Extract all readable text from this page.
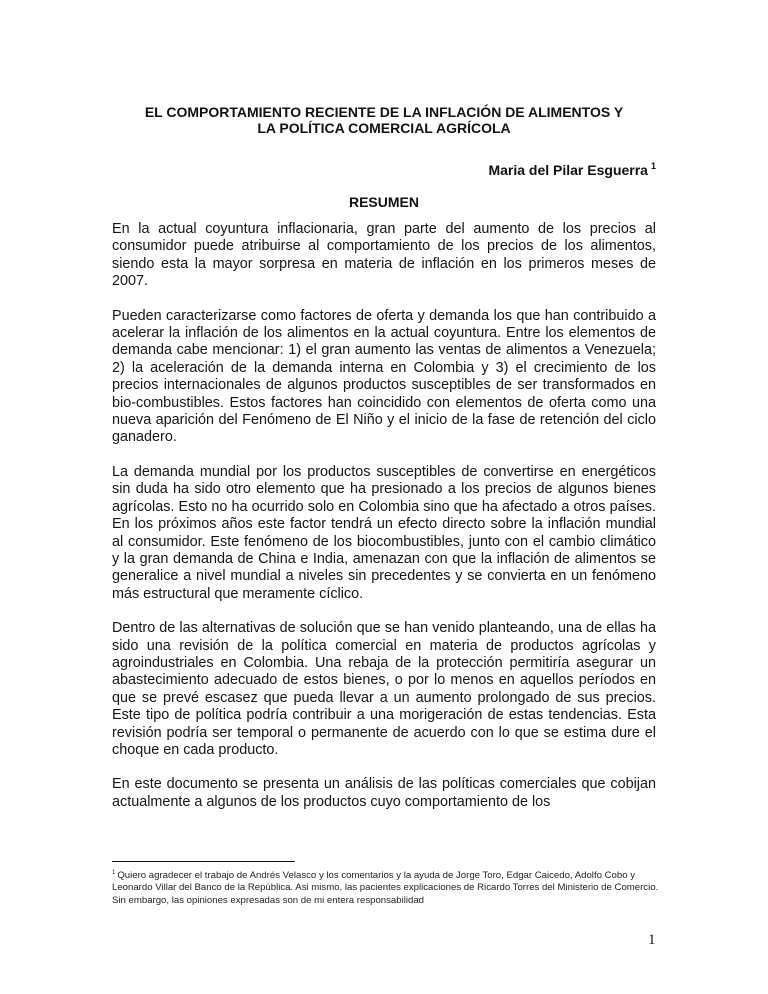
EL COMPORTAMIENTO RECIENTE DE LA INFLACIÓN DE ALIMENTOS Y
LA POLÍTICA COMERCIAL AGRÍCOLA
Maria del Pilar Esguerra $^1$
RESUMEN

En la actual coyuntura inflacionaria, gran parte del aumento de los precios al consumidor puede atribuirse al comportamiento de los precios de los alimentos, siendo esta la mayor sorpresa en materia de inflación en los primeros meses de 2007.

Pueden caracterizarse como factores de oferta y demanda los que han contribuido a acelerar la inflación de los alimentos en la actual coyuntura. Entre los elementos de demanda cabe mencionar: 1) el gran aumento las ventas de alimentos a Venezuela; 2) la aceleración de la demanda interna en Colombia y 3) el crecimiento de los precios internacionales de algunos productos susceptibles de ser transformados en bio-combustibles. Estos factores han coincidido con elementos de oferta como una nueva aparición del Fenómeno de El Niño y el inicio de la fase de retención del ciclo ganadero.

La demanda mundial por los productos susceptibles de convertirse en energéticos sin duda ha sido otro elemento que ha presionado a los precios de algunos bienes agrícolas. Esto no ha ocurrido solo en Colombia sino que ha afectado a otros países. En los próximos años este factor tendrá un efecto directo sobre la inflación mundial al consumidor. Este fenómeno de los biocombustibles, junto con el cambio climático y la gran demanda de China e India, amenazan con que la inflación de alimentos se generalice a nivel mundial a niveles sin precedentes y se convierta en un fenómeno más estructural que meramente cíclico.

Dentro de las alternativas de solución que se han venido planteando, una de ellas ha sido una revisión de la política comercial en materia de productos agrícolas y agroindustriales en Colombia. Una rebaja de la protección permitiría asegurar un abastecimiento adecuado de estos bienes, o por lo menos en aquellos períodos en que se prevé escasez que pueda llevar a un aumento prolongado de sus precios. Este tipo de política podría contribuir a una morigeración de estas tendencias. Esta revisión podría ser temporal o permanente de acuerdo con lo que se estima dure el choque en cada producto.

En este documento se presenta un análisis de las políticas comerciales que cobijan actualmente a algunos de los productos cuyo comportamiento de los

$^1$ Quiero agradecer el trabajo de Andrés Velasco y los comentarios y la ayuda de Jorge Toro, Edgar Caicedo, Adolfo Cobo y Leonardo Villar del Banco de la República. Asi mismo, las pacientes explicaciones de Ricardo Torres del Ministerio de Comercio. Sin embargo, las opiniones expresadas son de mi entera responsabilidad
1
